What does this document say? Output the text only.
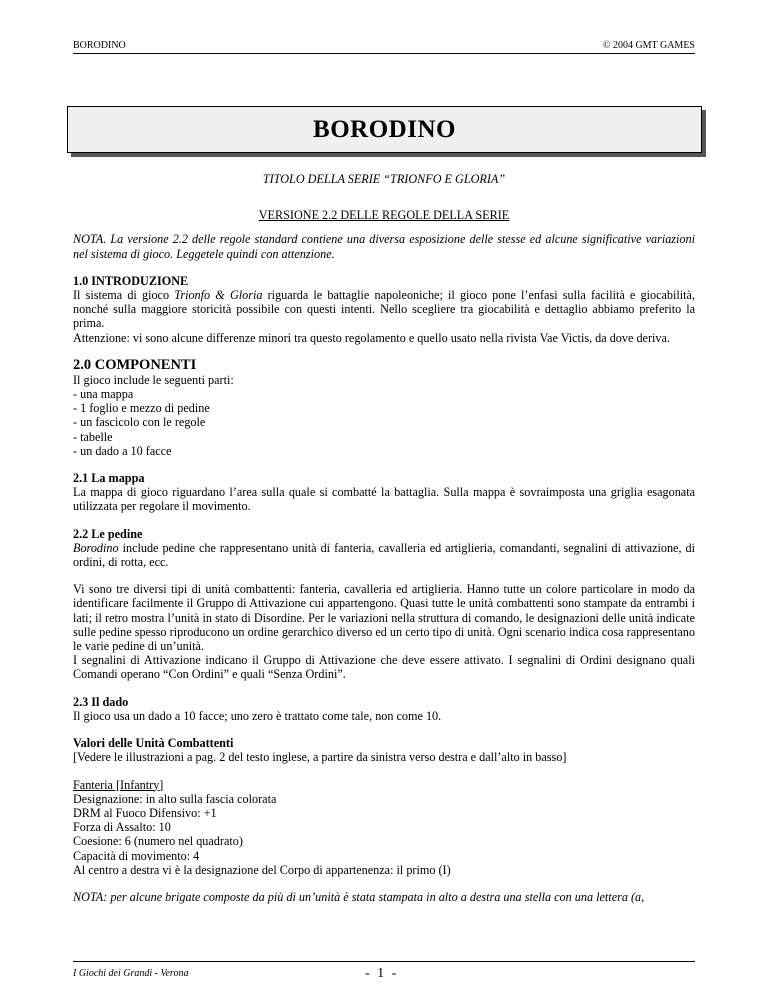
BORODINO	© 2004 GMT GAMES

BORODINO

TITOLO DELLA SERIE “TRIONFO E GLORIA”

VERSIONE 2.2 DELLE REGOLE DELLA SERIE

NOTA. La versione 2.2 delle regole standard contiene una diversa esposizione delle stesse ed alcune significative variazioni nel sistema di gioco. Leggetele quindi con attenzione.

1.0 INTRODUZIONE

Il sistema di gioco Trionfo & Gloria riguarda le battaglie napoleoniche; il gioco pone l’enfasi sulla facilità e giocabilità, nonché sulla maggiore storicità possibile con questi intenti. Nello scegliere tra giocabilità e dettaglio abbiamo preferito la prima.

Attenzione: vi sono alcune differenze minori tra questo regolamento e quello usato nella rivista Vae Victis, da dove deriva.

2.0 COMPONENTI

Il gioco include le seguenti parti:

- una mappa

- 1 foglio e mezzo di pedine

- un fascicolo con le regole

- tabelle

- un dado a 10 facce

2.1 La mappa

La mappa di gioco riguardano l’area sulla quale si combatté la battaglia. Sulla mappa è sovraimposta una griglia esagonata utilizzata per regolare il movimento.

2.2 Le pedine

Borodino include pedine che rappresentano unità di fanteria, cavalleria ed artiglieria, comandanti, segnalini di attivazione, di ordini, di rotta, ecc.

Vi sono tre diversi tipi di unità combattenti: fanteria, cavalleria ed artiglieria. Hanno tutte un colore particolare in modo da identificare facilmente il Gruppo di Attivazione cui appartengono. Quasi tutte le unità combattenti sono stampate da entrambi i lati; il retro mostra l’unità in stato di Disordine. Per le variazioni nella struttura di comando, le designazioni delle unità indicate sulle pedine spesso riproducono un ordine gerarchico diverso ed un certo tipo di unità. Ogni scenario indica cosa rappresentano le varie pedine di un’unità.

I segnalini di Attivazione indicano il Gruppo di Attivazione che deve essere attivato. I segnalini di Ordini designano quali Comandi operano “Con Ordini” e quali “Senza Ordini”.

2.3 Il dado

Il gioco usa un dado a 10 facce; uno zero è trattato come tale, non come 10.

Valori delle Unità Combattenti

[Vedere le illustrazioni a pag. 2 del testo inglese, a partire da sinistra verso destra e dall’alto in basso]

Fanteria [Infantry]

Designazione: in alto sulla fascia colorata

DRM al Fuoco Difensivo: +1

Forza di Assalto: 10

Coesione: 6 (numero nel quadrato)

Capacità di movimento: 4

Al centro a destra vi è la designazione del Corpo di appartenenza: il primo (I)

NOTA: per alcune brigate composte da più di un’unità è stata stampata in alto a destra una stella con una lettera (a,

I Giochi dei Grandi - Verona	- 1 -
